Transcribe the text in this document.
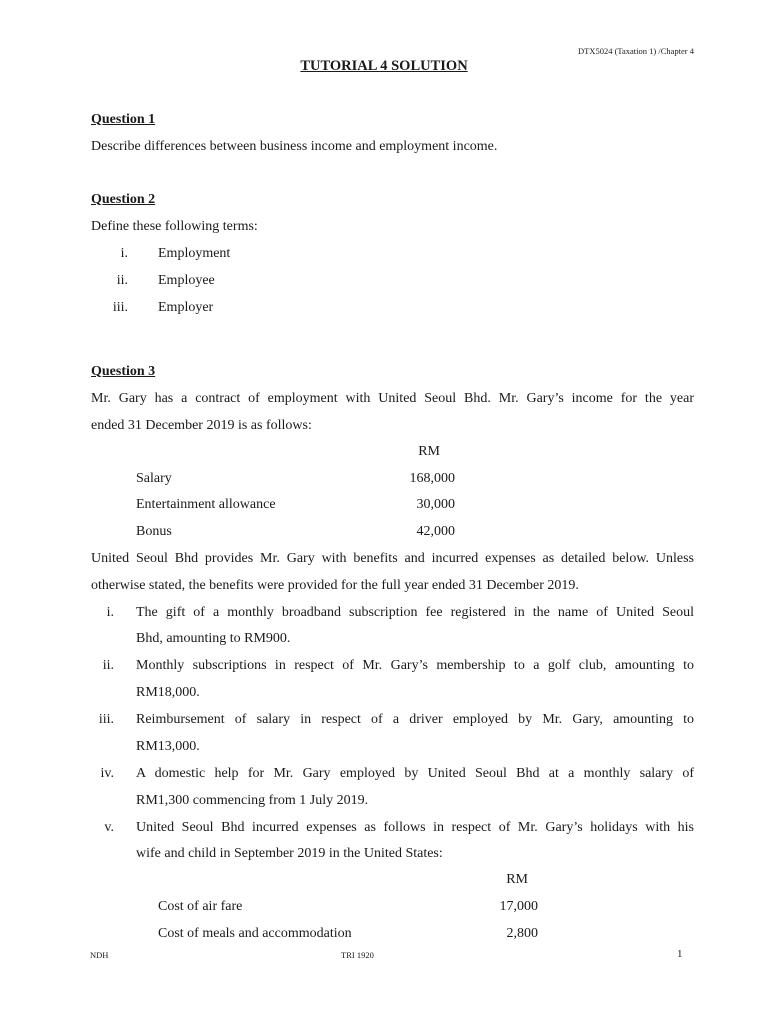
DTX5024 (Taxation 1) /Chapter 4
TUTORIAL 4 SOLUTION
Question 1
Describe differences between business income and employment income.
Question 2
Define these following terms:
i. Employment
ii. Employee
iii. Employer
Question 3
Mr. Gary has a contract of employment with United Seoul Bhd. Mr. Gary’s income for the year
ended 31 December 2019 is as follows:
RM
Salary	168,000
Entertainment allowance	30,000
Bonus	42,000
United Seoul Bhd provides Mr. Gary with benefits and incurred expenses as detailed below. Unless
otherwise stated, the benefits were provided for the full year ended 31 December 2019.
i. The gift of a monthly broadband subscription fee registered in the name of United Seoul
Bhd, amounting to RM900.
ii. Monthly subscriptions in respect of Mr. Gary’s membership to a golf club, amounting to
RM18,000.
iii. Reimbursement of salary in respect of a driver employed by Mr. Gary, amounting to
RM13,000.
iv. A domestic help for Mr. Gary employed by United Seoul Bhd at a monthly salary of
RM1,300 commencing from 1 July 2019.
v. United Seoul Bhd incurred expenses as follows in respect of Mr. Gary’s holidays with his
wife and child in September 2019 in the United States:
RM
Cost of air fare	17,000
Cost of meals and accommodation	2,800
NDH	TRI 1920	1
